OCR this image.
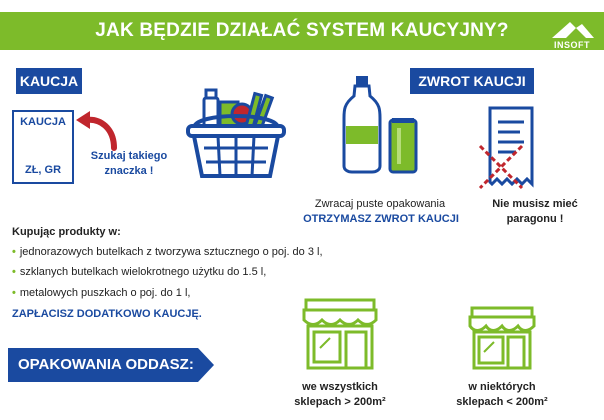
JAK BĘDZIE DZIAŁAĆ SYSTEM KAUCYJNY?
INSOFT
KAUCJA
KAUCJA
ZŁ, GR
Szukaj takiego
znaczka !
ZWROT KAUCJI
Zwracaj puste opakowania
OTRZYMASZ ZWROT KAUCJI
Nie musisz mieć
paragonu !
Kupując produkty w:
• jednorazowych butelkach z tworzywa sztucznego o poj. do 3 l,
• szklanych butelkach wielokrotnego użytku do 1.5 l,
• metalowych puszkach o poj. do 1 l,
ZAPŁACISZ DODATKOWO KAUCJĘ.
OPAKOWANIA ODDASZ:
we wszystkich
sklepach > 200m²
w niektórych
sklepach < 200m²
